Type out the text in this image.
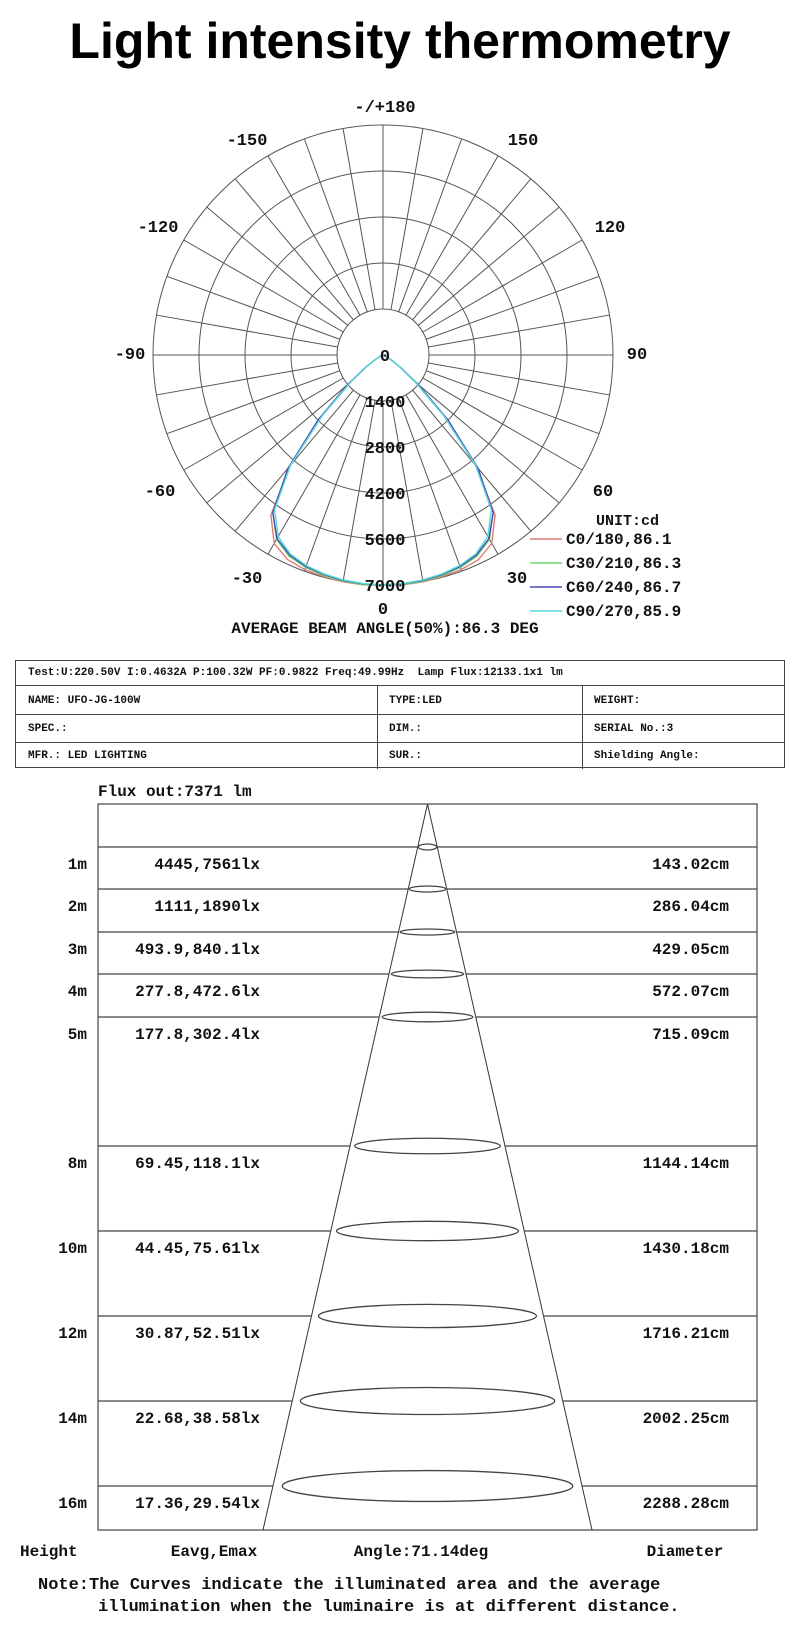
Light intensity thermometry
-/+180
150
120
90
60
30
0
-30
-60
-90
-120
-150
0
1400
2800
4200
5600
7000
UNIT:cd
C0/180,86.1
C30/210,86.3
C60/240,86.7
C90/270,85.9
AVERAGE BEAM ANGLE(50%):86.3 DEG
Test:U:220.50V I:0.4632A P:100.32W PF:0.9822 Freq:49.99Hz  Lamp Flux:12133.1x1 lm
NAME: UFO-JG-100W	TYPE:LED	WEIGHT:
SPEC.:	DIM.:	SERIAL No.:3
MFR.: LED LIGHTING	SUR.:	Shielding Angle:
Flux out:7371 lm
1m	4445,7561lx	143.02cm
2m	1111,1890lx	286.04cm
3m	493.9,840.1lx	429.05cm
4m	277.8,472.6lx	572.07cm
5m	177.8,302.4lx	715.09cm
8m	69.45,118.1lx	1144.14cm
10m	44.45,75.61lx	1430.18cm
12m	30.87,52.51lx	1716.21cm
14m	22.68,38.58lx	2002.25cm
16m	17.36,29.54lx	2288.28cm
Height	Eavg,Emax	Angle:71.14deg	Diameter
Note:The Curves indicate the illuminated area and the average
illumination when the luminaire is at different distance.
